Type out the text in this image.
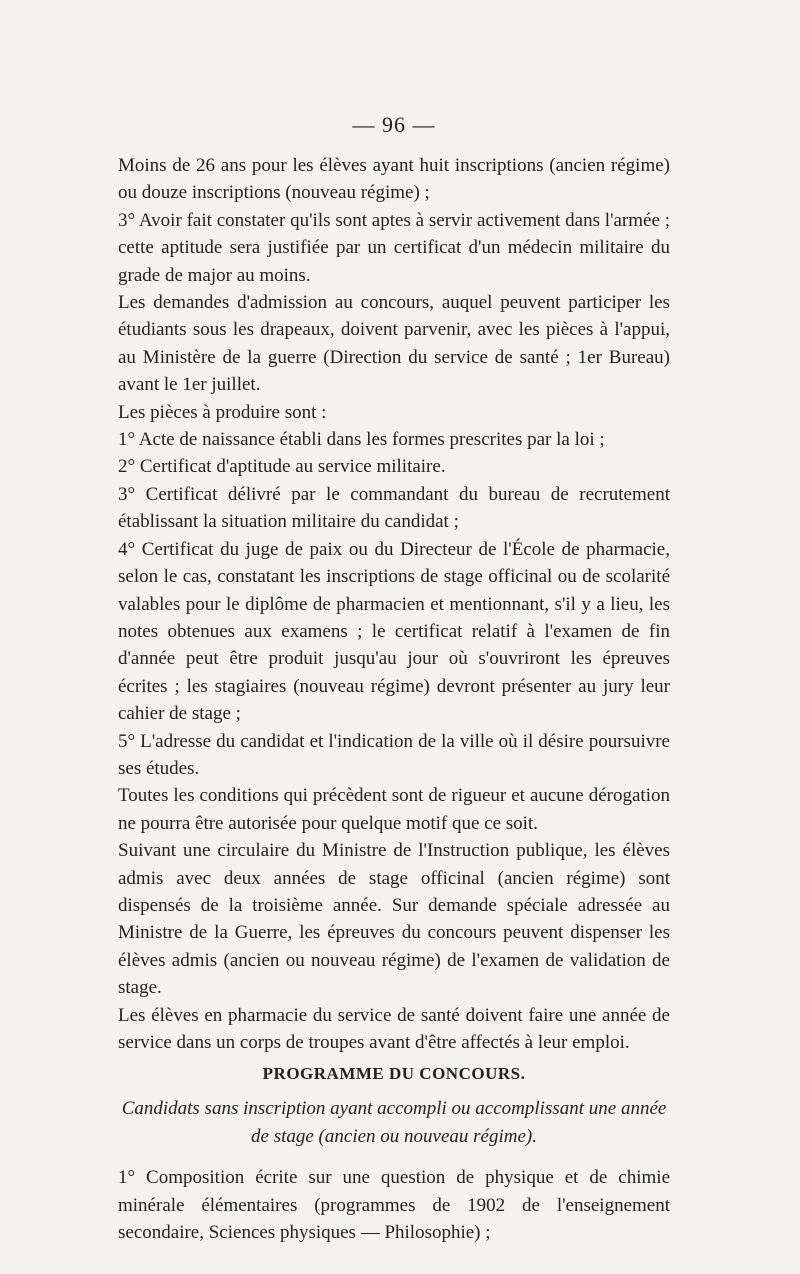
— 96 —

Moins de 26 ans pour les élèves ayant huit inscriptions (ancien régime) ou douze inscriptions (nouveau régime) ;

3° Avoir fait constater qu'ils sont aptes à servir activement dans l'armée ; cette aptitude sera justifiée par un certificat d'un médecin militaire du grade de major au moins.

Les demandes d'admission au concours, auquel peuvent participer les étudiants sous les drapeaux, doivent parvenir, avec les pièces à l'appui, au Ministère de la guerre (Direction du service de santé ; 1er Bureau) avant le 1er juillet.

Les pièces à produire sont :

1° Acte de naissance établi dans les formes prescrites par la loi ;

2° Certificat d'aptitude au service militaire.

3° Certificat délivré par le commandant du bureau de recrutement établissant la situation militaire du candidat ;

4° Certificat du juge de paix ou du Directeur de l'École de pharmacie, selon le cas, constatant les inscriptions de stage officinal ou de scolarité valables pour le diplôme de pharmacien et mentionnant, s'il y a lieu, les notes obtenues aux examens ; le certificat relatif à l'examen de fin d'année peut être produit jusqu'au jour où s'ouvriront les épreuves écrites ; les stagiaires (nouveau régime) devront présenter au jury leur cahier de stage ;

5° L'adresse du candidat et l'indication de la ville où il désire poursuivre ses études.

Toutes les conditions qui précèdent sont de rigueur et aucune dérogation ne pourra être autorisée pour quelque motif que ce soit.

Suivant une circulaire du Ministre de l'Instruction publique, les élèves admis avec deux années de stage officinal (ancien régime) sont dispensés de la troisième année. Sur demande spéciale adressée au Ministre de la Guerre, les épreuves du concours peuvent dispenser les élèves admis (ancien ou nouveau régime) de l'examen de validation de stage.

Les élèves en pharmacie du service de santé doivent faire une année de service dans un corps de troupes avant d'être affectés à leur emploi.

PROGRAMME DU CONCOURS.
Candidats sans inscription ayant accompli ou accomplissant une année de stage (ancien ou nouveau régime).

1° Composition écrite sur une question de physique et de chimie minérale élémentaires (programmes de 1902 de l'enseignement secondaire, Sciences physiques — Philosophie) ;
